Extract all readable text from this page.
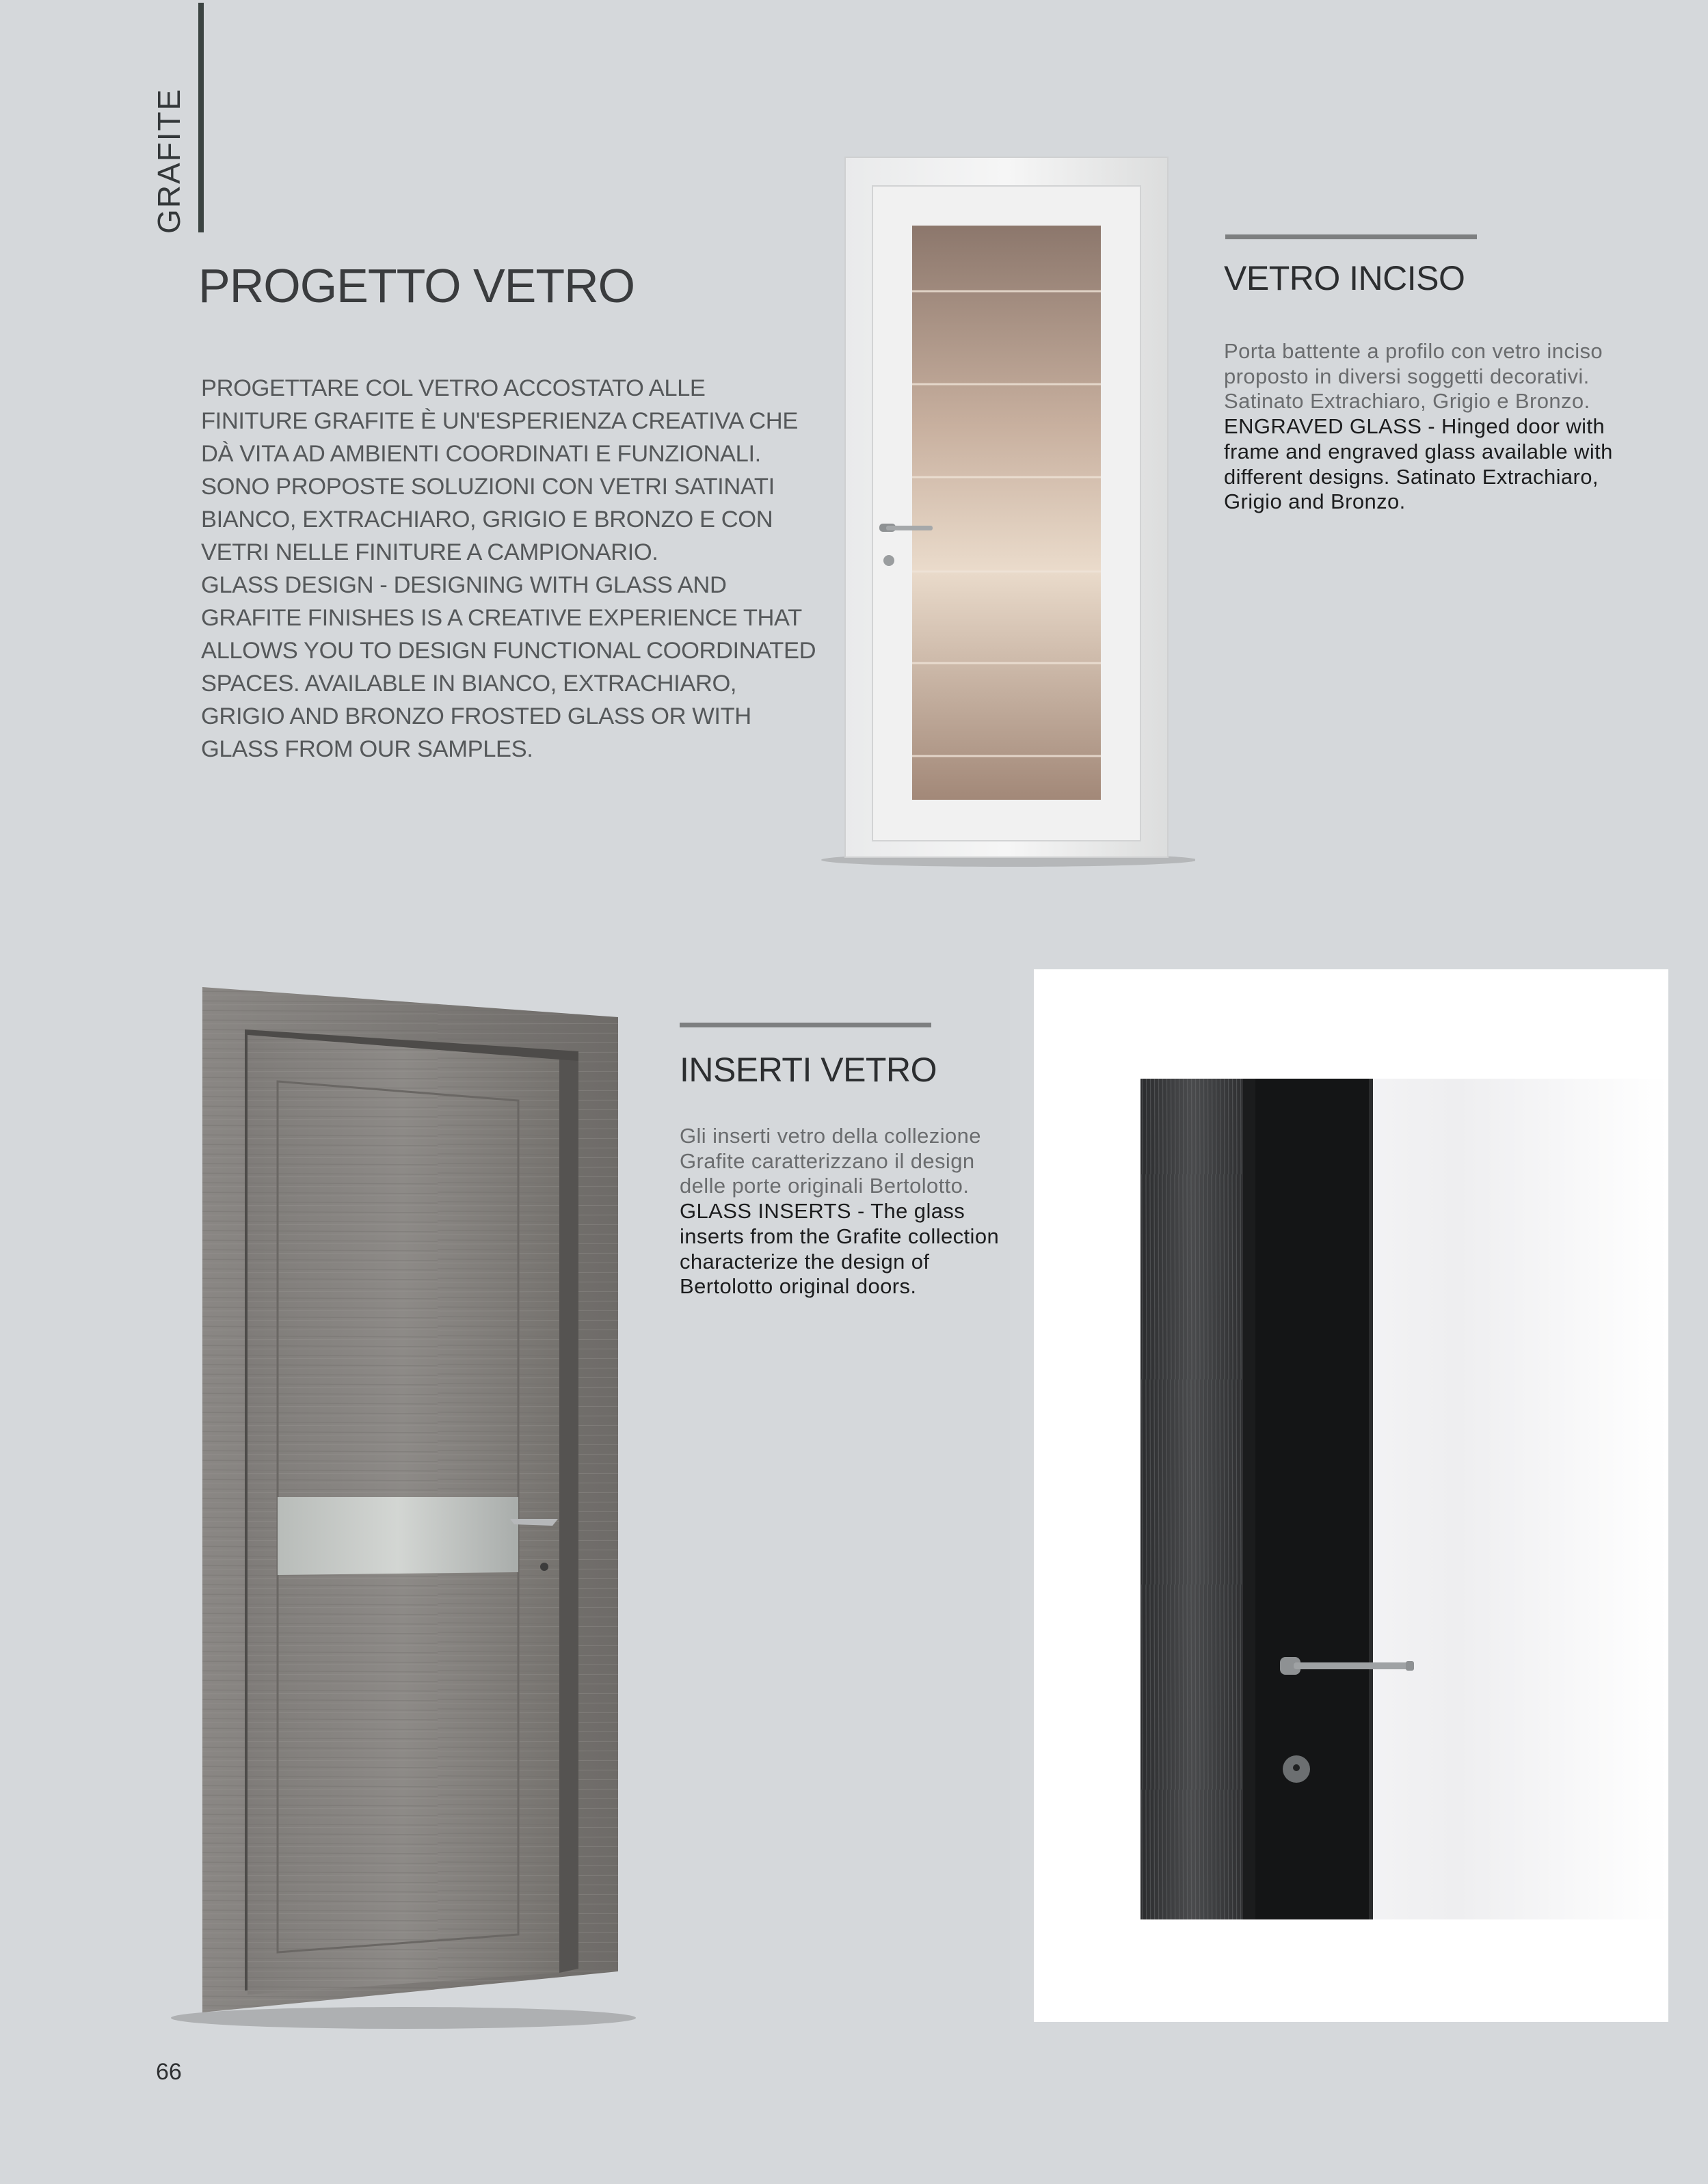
GRAFITE
PROGETTO VETRO

PROGETTARE COL VETRO ACCOSTATO ALLE FINITURE GRAFITE È UN'ESPERIENZA CREATIVA CHE DÀ VITA AD AMBIENTI COORDINATI E FUNZIONALI. SONO PROPOSTE SOLUZIONI CON VETRI SATINATI BIANCO, EXTRACHIARO, GRIGIO E BRONZO E CON VETRI NELLE FINITURE A CAMPIONARIO.

GLASS DESIGN - DESIGNING WITH GLASS AND GRAFITE FINISHES IS A CREATIVE EXPERIENCE THAT ALLOWS YOU TO DESIGN FUNCTIONAL COORDINATED SPACES. AVAILABLE IN BIANCO, EXTRACHIARO, GRIGIO AND BRONZO FROSTED GLASS OR WITH GLASS FROM OUR SAMPLES.

VETRO INCISO

Porta battente a profilo con vetro inciso proposto in diversi soggetti decorativi. Satinato Extrachiaro, Grigio e Bronzo.

ENGRAVED GLASS - Hinged door with frame and engraved glass available with different designs. Satinato Extrachiaro, Grigio and Bronzo.

INSERTI VETRO

Gli inserti vetro della collezione Grafite caratterizzano il design delle porte originali Bertolotto.

GLASS INSERTS - The glass inserts from the Grafite collection characterize the design of Bertolotto original doors.

66
